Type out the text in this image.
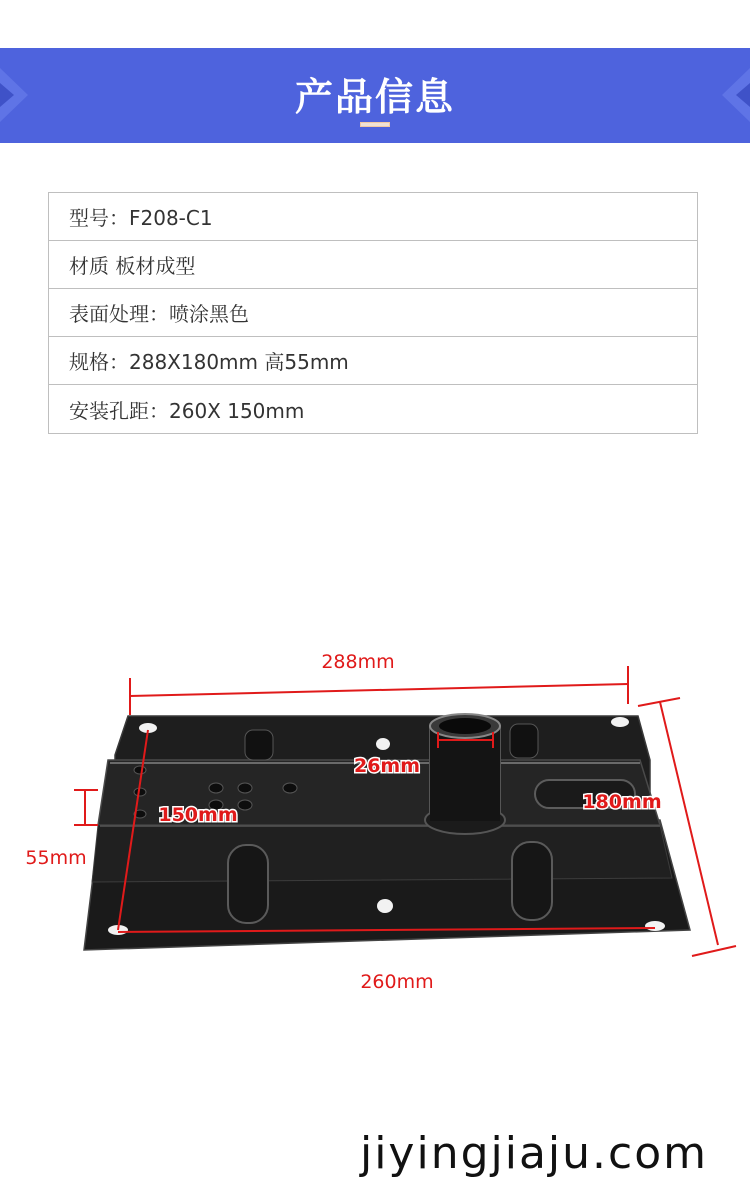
产品信息
型号：F208-C1
材质 板材成型
表面处理：喷涂黑色
规格：288X180mm 高55mm
安装孔距：260X 150mm
288mm
260mm
180mm
55mm
150mm
26mm
jiyingjiaju.com
